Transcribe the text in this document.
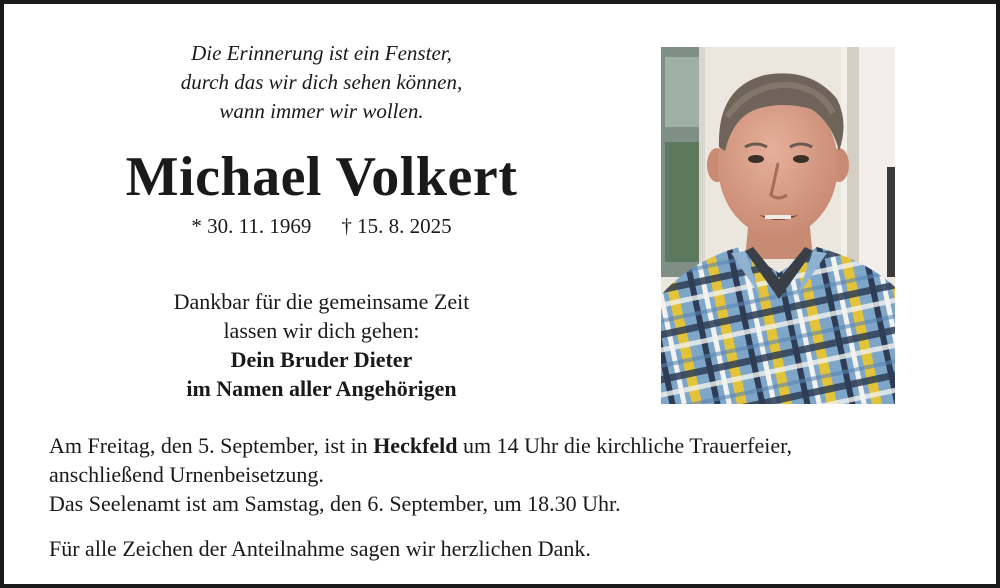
Die Erinnerung ist ein Fenster,
durch das wir dich sehen können,
wann immer wir wollen.
Michael Volkert
* 30. 11. 1969 † 15. 8. 2025
Dankbar für die gemeinsame Zeit
lassen wir dich gehen:
Dein Bruder Dieter
im Namen aller Angehörigen
Am Freitag, den 5. September, ist in Heckfeld um 14 Uhr die kirchliche Trauerfeier,
anschließend Urnenbeisetzung.
Das Seelenamt ist am Samstag, den 6. September, um 18.30 Uhr.
Für alle Zeichen der Anteilnahme sagen wir herzlichen Dank.
